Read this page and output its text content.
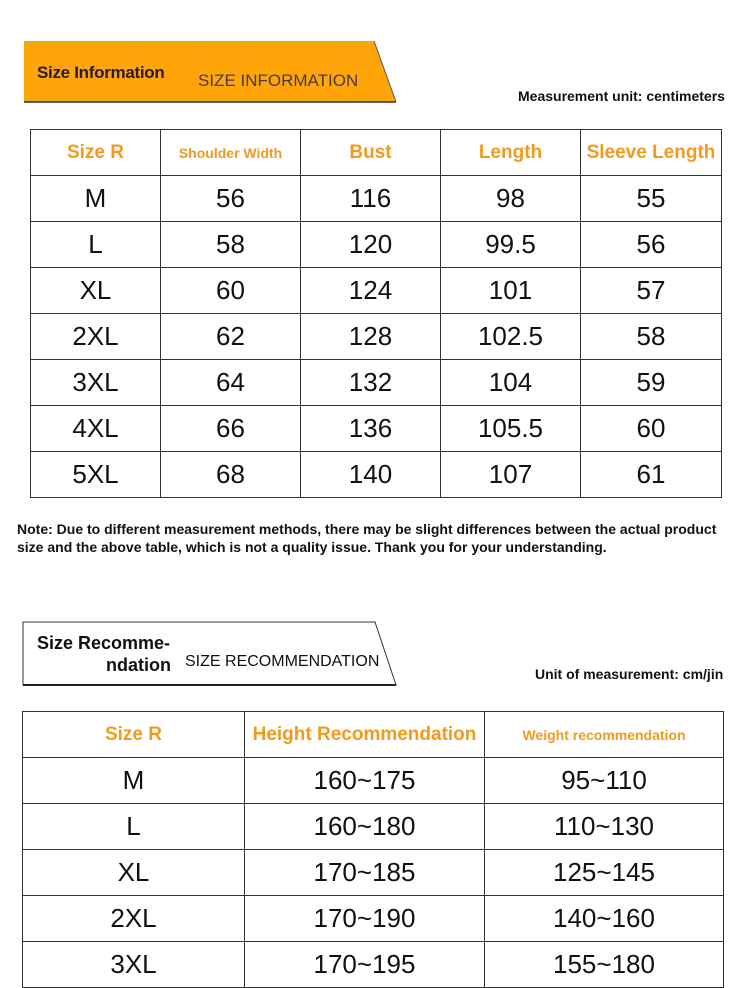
Size Information SIZE INFORMATION
Measurement unit: centimeters
Size R	Shoulder Width	Bust	Length	Sleeve Length
M	56	116	98	55
L	58	120	99.5	56
XL	60	124	101	57
2XL	62	128	102.5	58
3XL	64	132	104	59
4XL	66	136	105.5	60
5XL	68	140	107	61
Note: Due to different measurement methods, there may be slight differences between the actual product size and the above table, which is not a quality issue. Thank you for your understanding.
Size Recomme-
ndation SIZE RECOMMENDATION
Unit of measurement: cm/jin
Size R	Height Recommendation	Weight recommendation
M	160~175	95~110
L	160~180	110~130
XL	170~185	125~145
2XL	170~190	140~160
3XL	170~195	155~180
